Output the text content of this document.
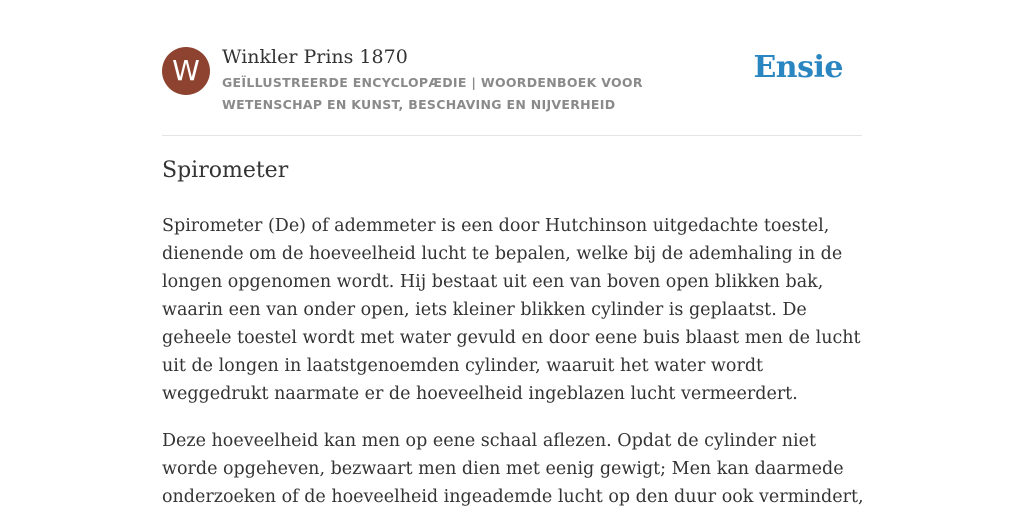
W	Winkler Prins 1870
GEÏLLUSTREERDE ENCYCLOPÆDIE | WOORDENBOEK VOOR WETENSCHAP EN KUNST, BESCHAVING EN NIJVERHEID
Ensie
Spirometer

Spirometer (De) of ademmeter is een door Hutchinson uitgedachte toestel, dienende om de hoeveelheid lucht te bepalen, welke bij de ademhaling in de longen opgenomen wordt. Hij bestaat uit een van boven open blikken bak, waarin een van onder open, iets kleiner blikken cylinder is geplaatst. De geheele toestel wordt met water gevuld en door eene buis blaast men de lucht uit de longen in laatstgenoemden cylinder, waaruit het water wordt weggedrukt naarmate er de hoeveelheid ingeblazen lucht vermeerdert.

Deze hoeveelheid kan men op eene schaal aflezen. Opdat de cylinder niet worde opgeheven, bezwaart men dien met eenig gewigt; Men kan daarmede onderzoeken of de hoeveelheid ingeademde lucht op den duur ook vermindert,
